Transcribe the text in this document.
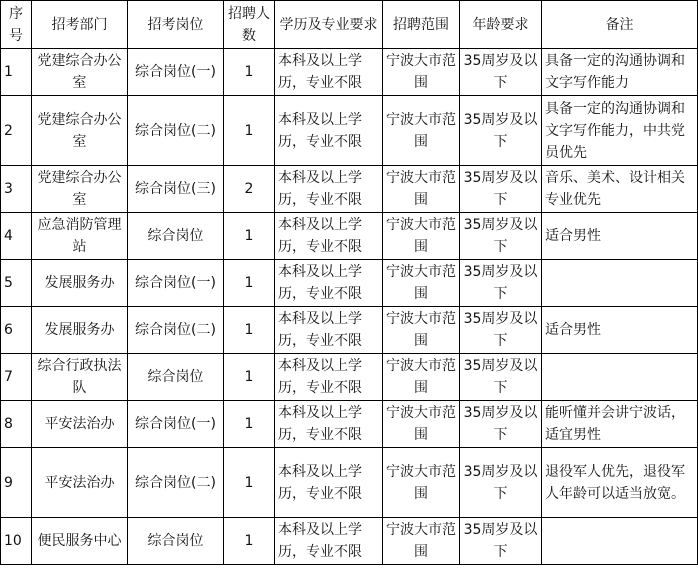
序号	招考部门	招考岗位	招聘人数	学历及专业要求	招聘范围	年龄要求	备注
1	党建综合办公室	综合岗位(一)	1	本科及以上学历，专业不限	宁波大市范围	35周岁及以下	具备一定的沟通协调和文字写作能力
2	党建综合办公室	综合岗位(二)	1	本科及以上学历，专业不限	宁波大市范围	35周岁及以下	具备一定的沟通协调和文字写作能力，中共党员优先
3	党建综合办公室	综合岗位(三)	2	本科及以上学历，专业不限	宁波大市范围	35周岁及以下	音乐、美术、设计相关专业优先
4	应急消防管理站	综合岗位	1	本科及以上学历，专业不限	宁波大市范围	35周岁及以下	适合男性
5	发展服务办	综合岗位(一)	1	本科及以上学历，专业不限	宁波大市范围	35周岁及以下	
6	发展服务办	综合岗位(二)	1	本科及以上学历，专业不限	宁波大市范围	35周岁及以下	适合男性
7	综合行政执法队	综合岗位	1	本科及以上学历，专业不限	宁波大市范围	35周岁及以下	
8	平安法治办	综合岗位(一)	1	本科及以上学历，专业不限	宁波大市范围	35周岁及以下	能听懂并会讲宁波话，适宜男性
9	平安法治办	综合岗位(二)	1	本科及以上学历，专业不限	宁波大市范围	35周岁及以下	退役军人优先，退役军人年龄可以适当放宽。
10	便民服务中心	综合岗位	1	本科及以上学历，专业不限	宁波大市范围	35周岁及以下	
